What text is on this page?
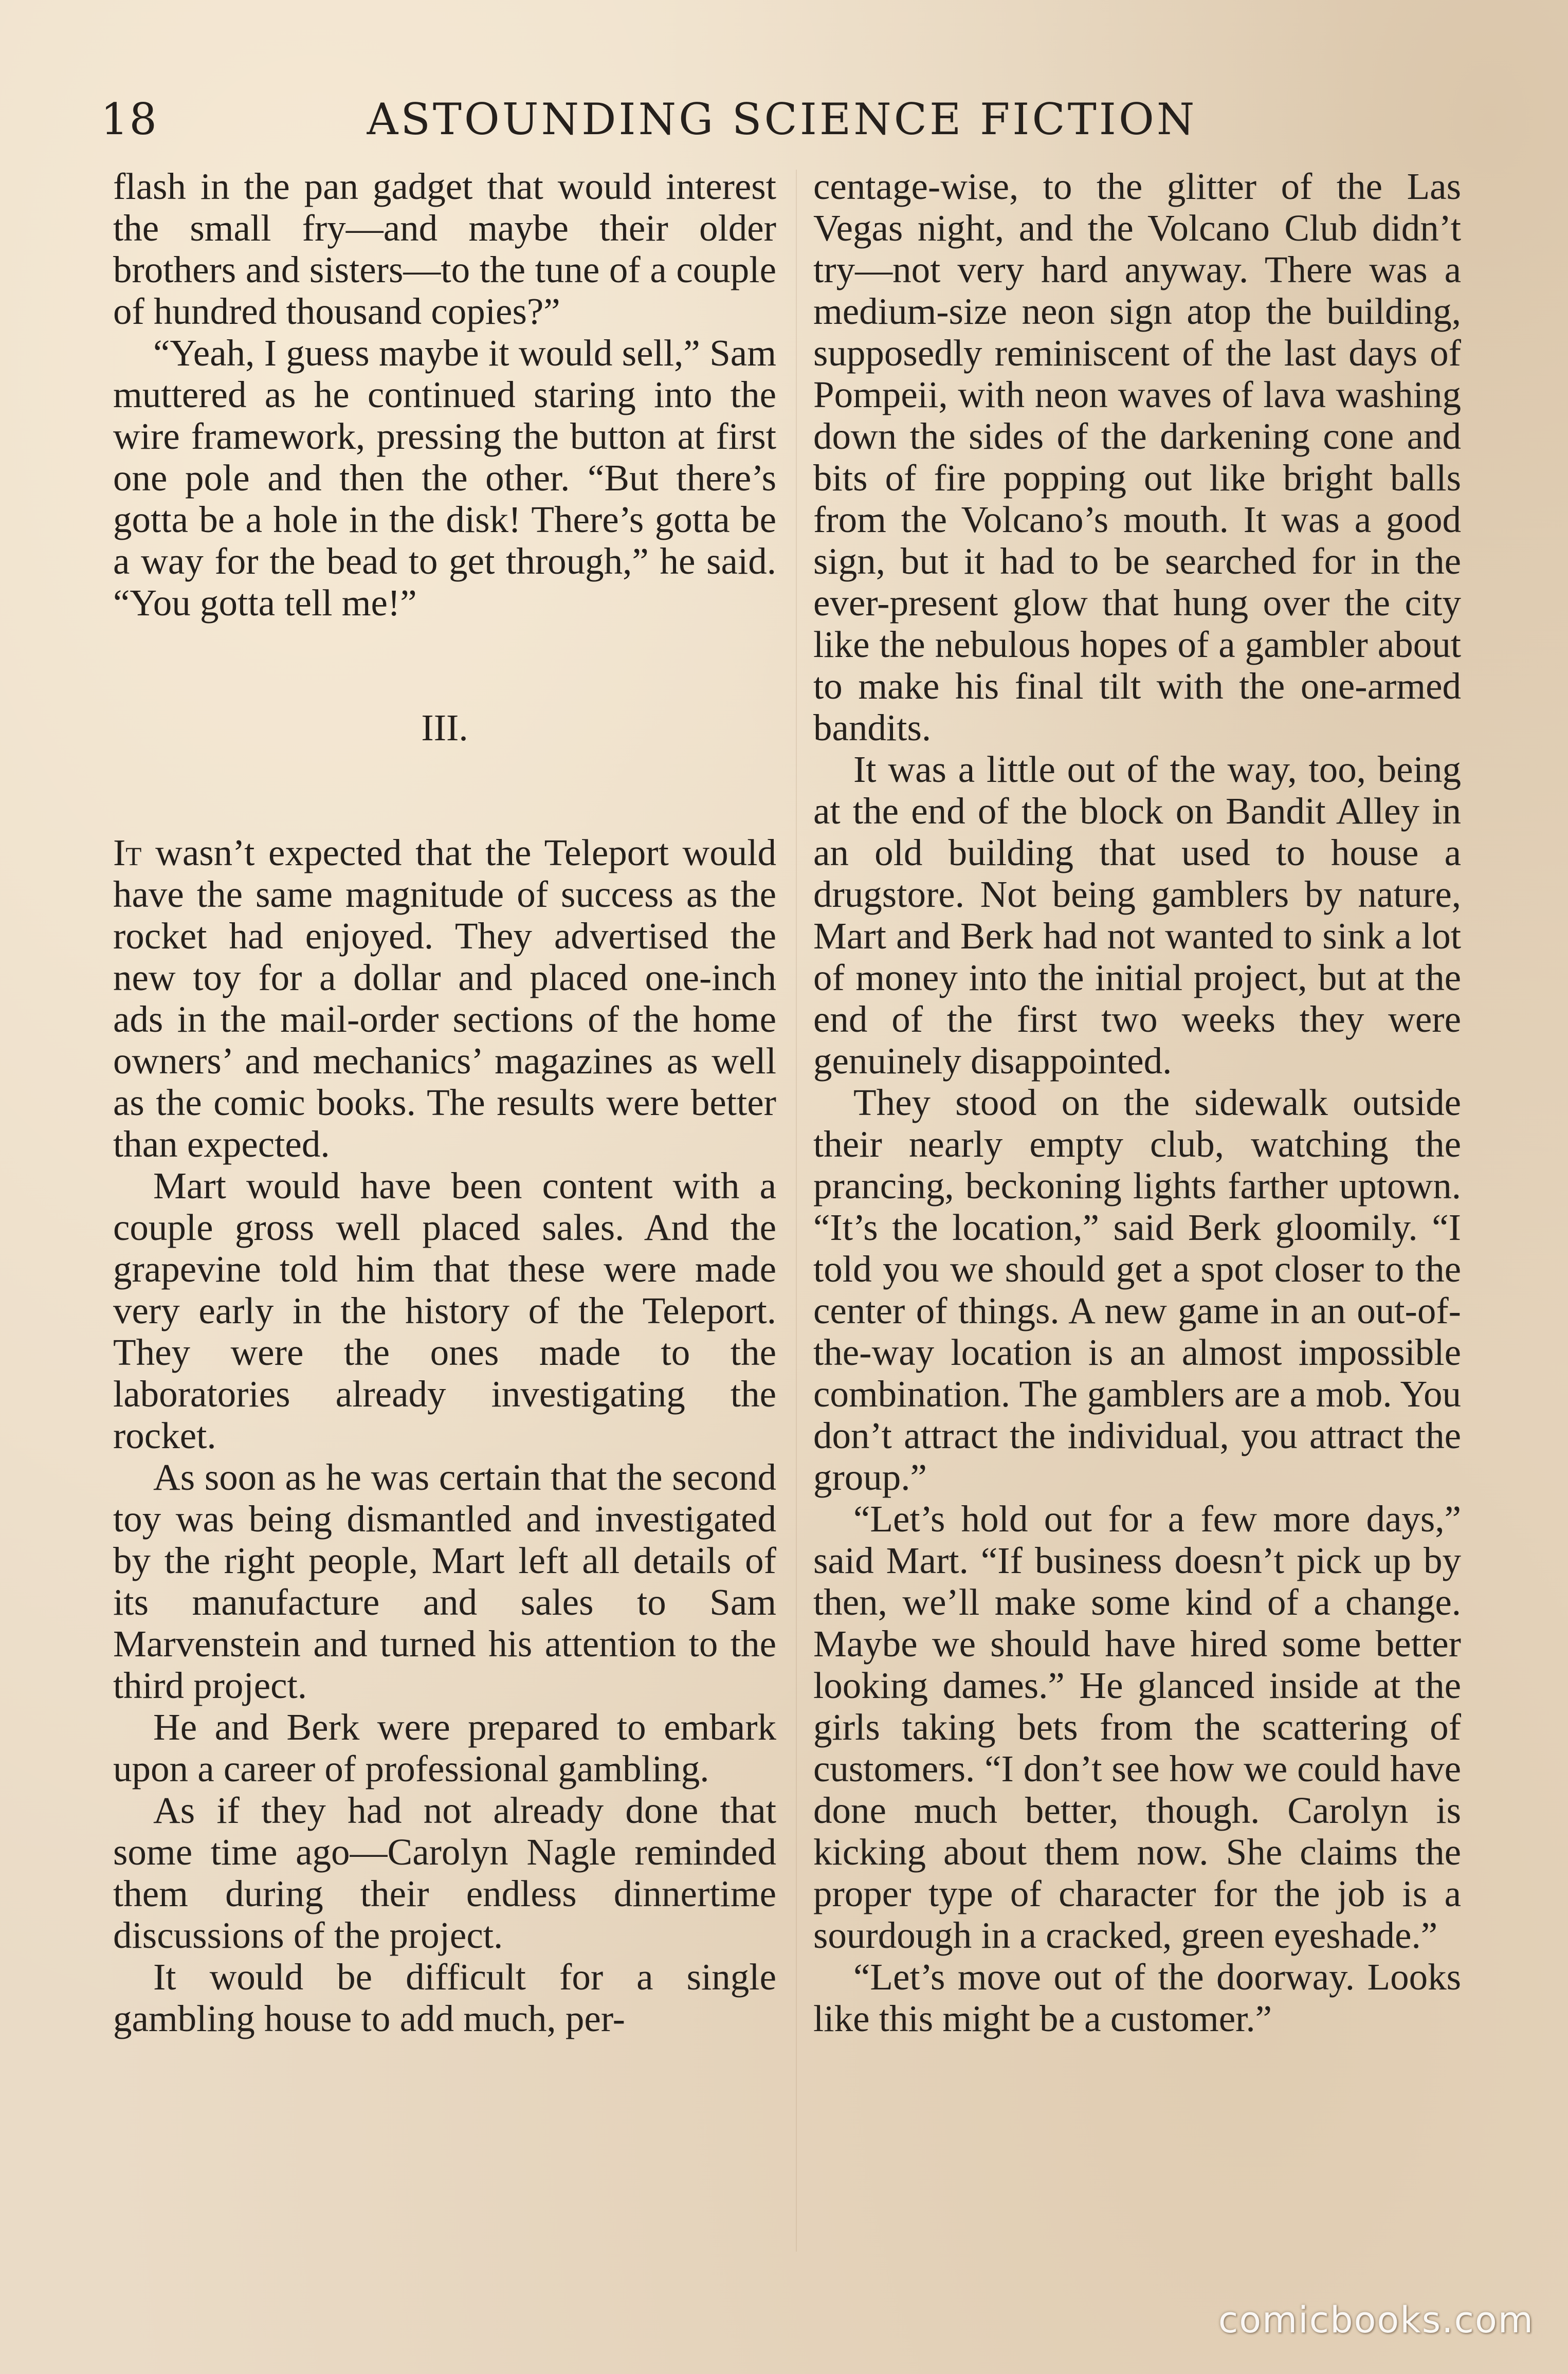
18	ASTOUNDING SCIENCE FICTION

flash in the pan gadget that would interest the small fry—and maybe their older brothers and sisters—to the tune of a couple of hundred thousand copies?”

“Yeah, I guess maybe it would sell,” Sam muttered as he continued staring into the wire framework, pressing the button at first one pole and then the other. “But there’s gotta be a hole in the disk! There’s gotta be a way for the bead to get through,” he said. “You gotta tell me!”

III.

It wasn’t expected that the Teleport would have the same magnitude of success as the rocket had enjoyed. They advertised the new toy for a dollar and placed one-inch ads in the mail-order sections of the home owners’ and mechanics’ magazines as well as the comic books. The results were better than expected.

Mart would have been content with a couple gross well placed sales. And the grapevine told him that these were made very early in the history of the Teleport. They were the ones made to the laboratories already investigating the rocket.

As soon as he was certain that the second toy was being dismantled and investigated by the right people, Mart left all details of its manufacture and sales to Sam Marvenstein and turned his attention to the third project.

He and Berk were prepared to embark upon a career of professional gambling.

As if they had not already done that some time ago—Carolyn Nagle reminded them during their endless dinnertime discussions of the project.

It would be difficult for a single gambling house to add much, per-

centage-wise, to the glitter of the Las Vegas night, and the Volcano Club didn’t try—not very hard anyway. There was a medium-size neon sign atop the building, supposedly reminiscent of the last days of Pompeii, with neon waves of lava washing down the sides of the darkening cone and bits of fire popping out like bright balls from the Volcano’s mouth. It was a good sign, but it had to be searched for in the ever-present glow that hung over the city like the nebulous hopes of a gambler about to make his final tilt with the one-armed bandits.

It was a little out of the way, too, being at the end of the block on Bandit Alley in an old building that used to house a drugstore. Not being gamblers by nature, Mart and Berk had not wanted to sink a lot of money into the initial project, but at the end of the first two weeks they were genuinely disappointed.

They stood on the sidewalk outside their nearly empty club, watching the prancing, beckoning lights farther uptown. “It’s the location,” said Berk gloomily. “I told you we should get a spot closer to the center of things. A new game in an out-of-the-way location is an almost impossible combination. The gamblers are a mob. You don’t attract the individual, you attract the group.”

“Let’s hold out for a few more days,” said Mart. “If business doesn’t pick up by then, we’ll make some kind of a change. Maybe we should have hired some better looking dames.” He glanced inside at the girls taking bets from the scattering of customers. “I don’t see how we could have done much better, though. Carolyn is kicking about them now. She claims the proper type of character for the job is a sourdough in a cracked, green eyeshade.”

“Let’s move out of the doorway. Looks like this might be a customer.”

comicbooks.com
